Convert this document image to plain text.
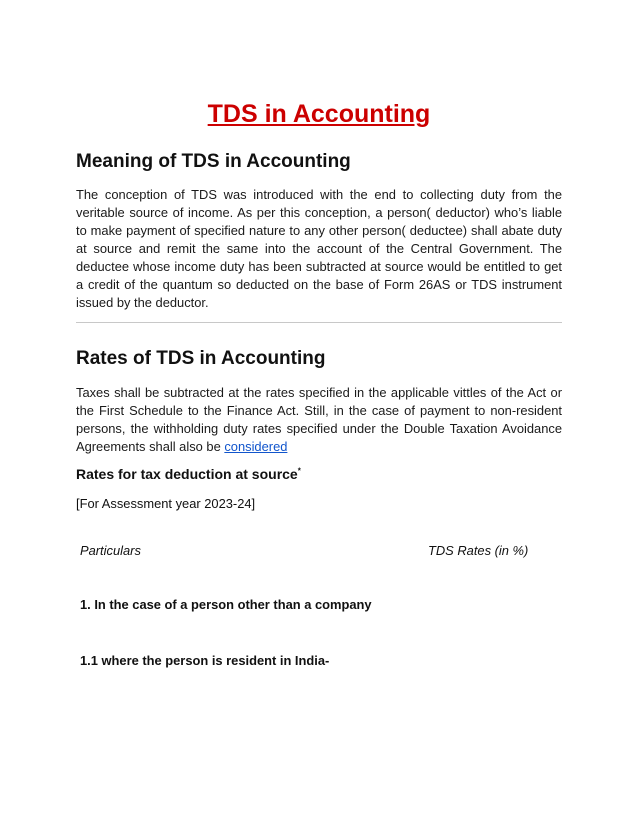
TDS in Accounting
Meaning of TDS in Accounting

The conception of TDS was introduced with the end to collecting duty from the veritable source of income. As per this conception, a person( deductor) who’s liable to make payment of specified nature to any other person( deductee) shall abate duty at source and remit the same into the account of the Central Government. The deductee whose income duty has been subtracted at source would be entitled to get a credit of the quantum so deducted on the base of Form 26AS or TDS instrument issued by the deductor.

Rates of TDS in Accounting

Taxes shall be subtracted at the rates specified in the applicable vittles of the Act or the First Schedule to the Finance Act. Still, in the case of payment to non-resident persons, the withholding duty rates specified under the Double Taxation Avoidance Agreements shall also be considered

Rates for tax deduction at source*

[For Assessment year 2023-24]

Particulars	TDS Rates (in %)

1. In the case of a person other than a company

1.1 where the person is resident in India-
